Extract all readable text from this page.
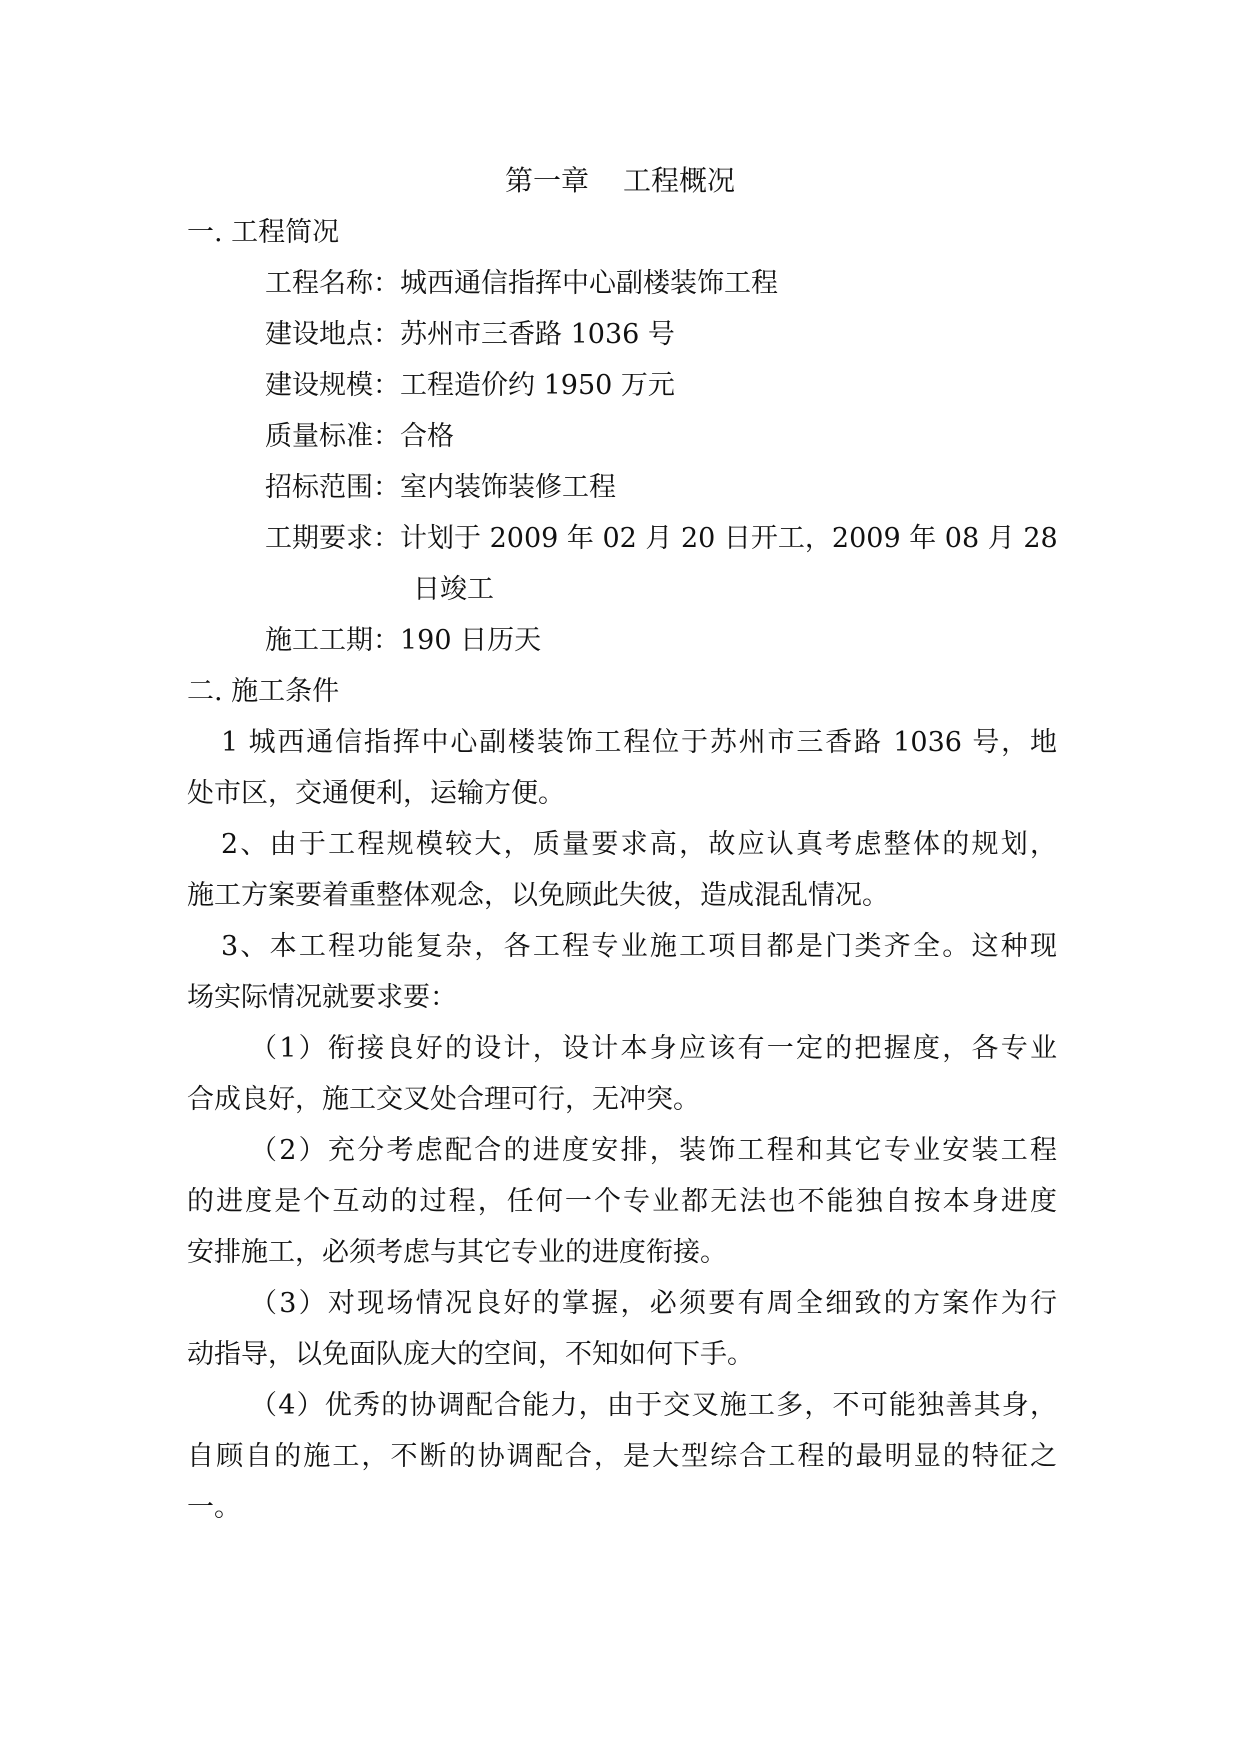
第一章 工程概况
一. 工程简况
工程名称：城西通信指挥中心副楼装饰工程
建设地点：苏州市三香路 1036 号
建设规模：工程造价约 1950 万元
质量标准：合格
招标范围：室内装饰装修工程
工期要求：计划于 2009 年 02 月 20 日开工，2009 年 08 月 28
日竣工
施工工期：190 日历天
二. 施工条件
1 城西通信指挥中心副楼装饰工程位于苏州市三香路 1036 号，地
处市区，交通便利，运输方便。
2、由于工程规模较大，质量要求高，故应认真考虑整体的规划，
施工方案要着重整体观念，以免顾此失彼，造成混乱情况。
3、本工程功能复杂，各工程专业施工项目都是门类齐全。这种现
场实际情况就要求要：
（1）衔接良好的设计，设计本身应该有一定的把握度，各专业
合成良好，施工交叉处合理可行，无冲突。
（2）充分考虑配合的进度安排，装饰工程和其它专业安装工程
的进度是个互动的过程，任何一个专业都无法也不能独自按本身进度
安排施工，必须考虑与其它专业的进度衔接。
（3）对现场情况良好的掌握，必须要有周全细致的方案作为行
动指导，以免面队庞大的空间，不知如何下手。
（4）优秀的协调配合能力，由于交叉施工多，不可能独善其身，
自顾自的施工，不断的协调配合，是大型综合工程的最明显的特征之
一。
